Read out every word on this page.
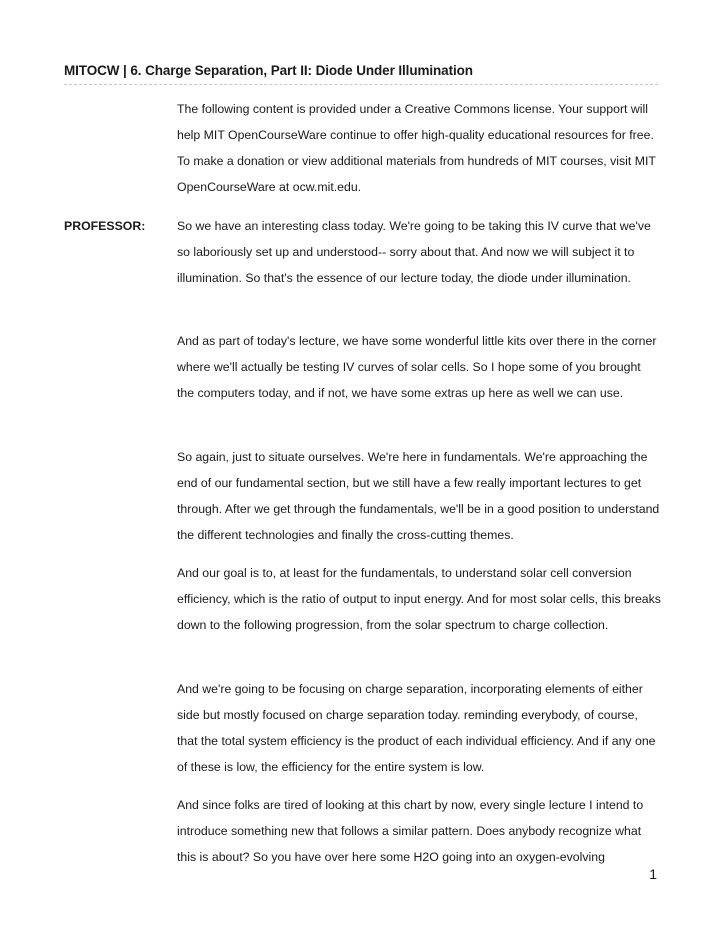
MITOCW | 6. Charge Separation, Part II: Diode Under Illumination

The following content is provided under a Creative Commons license. Your support will help MIT OpenCourseWare continue to offer high-quality educational resources for free. To make a donation or view additional materials from hundreds of MIT courses, visit MIT OpenCourseWare at ocw.mit.edu.

PROFESSOR:	So we have an interesting class today. We're going to be taking this IV curve that we've so laboriously set up and understood-- sorry about that. And now we will subject it to illumination. So that's the essence of our lecture today, the diode under illumination.

And as part of today's lecture, we have some wonderful little kits over there in the corner where we'll actually be testing IV curves of solar cells. So I hope some of you brought the computers today, and if not, we have some extras up here as well we can use.

So again, just to situate ourselves. We're here in fundamentals. We're approaching the end of our fundamental section, but we still have a few really important lectures to get through. After we get through the fundamentals, we'll be in a good position to understand the different technologies and finally the cross-cutting themes.

And our goal is to, at least for the fundamentals, to understand solar cell conversion efficiency, which is the ratio of output to input energy. And for most solar cells, this breaks down to the following progression, from the solar spectrum to charge collection.

And we're going to be focusing on charge separation, incorporating elements of either side but mostly focused on charge separation today. reminding everybody, of course, that the total system efficiency is the product of each individual efficiency. And if any one of these is low, the efficiency for the entire system is low.

And since folks are tired of looking at this chart by now, every single lecture I intend to introduce something new that follows a similar pattern. Does anybody recognize what this is about? So you have over here some H2O going into an oxygen-evolving

1
